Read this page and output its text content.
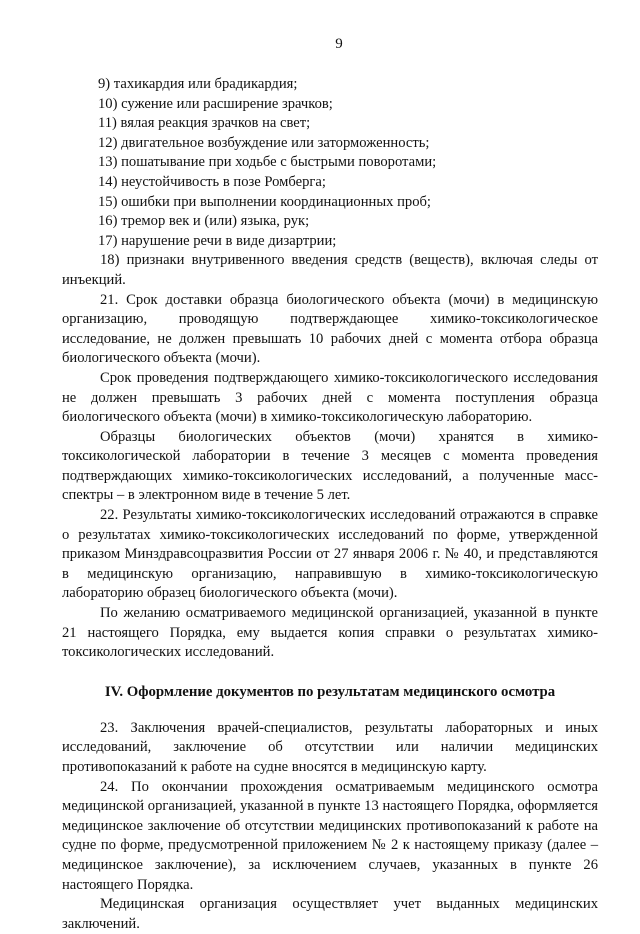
9

9) тахикардия или брадикардия;

10) сужение или расширение зрачков;

11) вялая реакция зрачков на свет;

12) двигательное возбуждение или заторможенность;

13) пошатывание при ходьбе с быстрыми поворотами;

14) неустойчивость в позе Ромберга;

15) ошибки при выполнении координационных проб;

16) тремор век и (или) языка, рук;

17) нарушение речи в виде дизартрии;

18) признаки внутривенного введения средств (веществ), включая следы от инъекций.

21. Срок доставки образца биологического объекта (мочи) в медицинскую организацию, проводящую подтверждающее химико-токсикологическое исследование, не должен превышать 10 рабочих дней с момента отбора образца биологического объекта (мочи).

Срок проведения подтверждающего химико-токсикологического исследования не должен превышать 3 рабочих дней с момента поступления образца биологического объекта (мочи) в химико-токсикологическую лабораторию.

Образцы биологических объектов (мочи) хранятся в химико-токсикологической лаборатории в течение 3 месяцев с момента проведения подтверждающих химико-токсикологических исследований, а полученные масс-спектры – в электронном виде в течение 5 лет.

22. Результаты химико-токсикологических исследований отражаются в справке о результатах химико-токсикологических исследований по форме, утвержденной приказом Минздравсоцразвития России от 27 января 2006 г. № 40, и представляются в медицинскую организацию, направившую в химико-токсикологическую лабораторию образец биологического объекта (мочи).

По желанию осматриваемого медицинской организацией, указанной в пункте 21 настоящего Порядка, ему выдается копия справки о результатах химико-токсикологических исследований.

IV. Оформление документов по результатам медицинского осмотра

23. Заключения врачей-специалистов, результаты лабораторных и иных исследований, заключение об отсутствии или наличии медицинских противопоказаний к работе на судне вносятся в медицинскую карту.

24. По окончании прохождения осматриваемым медицинского осмотра медицинской организацией, указанной в пункте 13 настоящего Порядка, оформляется медицинское заключение об отсутствии медицинских противопоказаний к работе на судне по форме, предусмотренной приложением № 2 к настоящему приказу (далее – медицинское заключение), за исключением случаев, указанных в пункте 26 настоящего Порядка.

Медицинская организация осуществляет учет выданных медицинских заключений.
